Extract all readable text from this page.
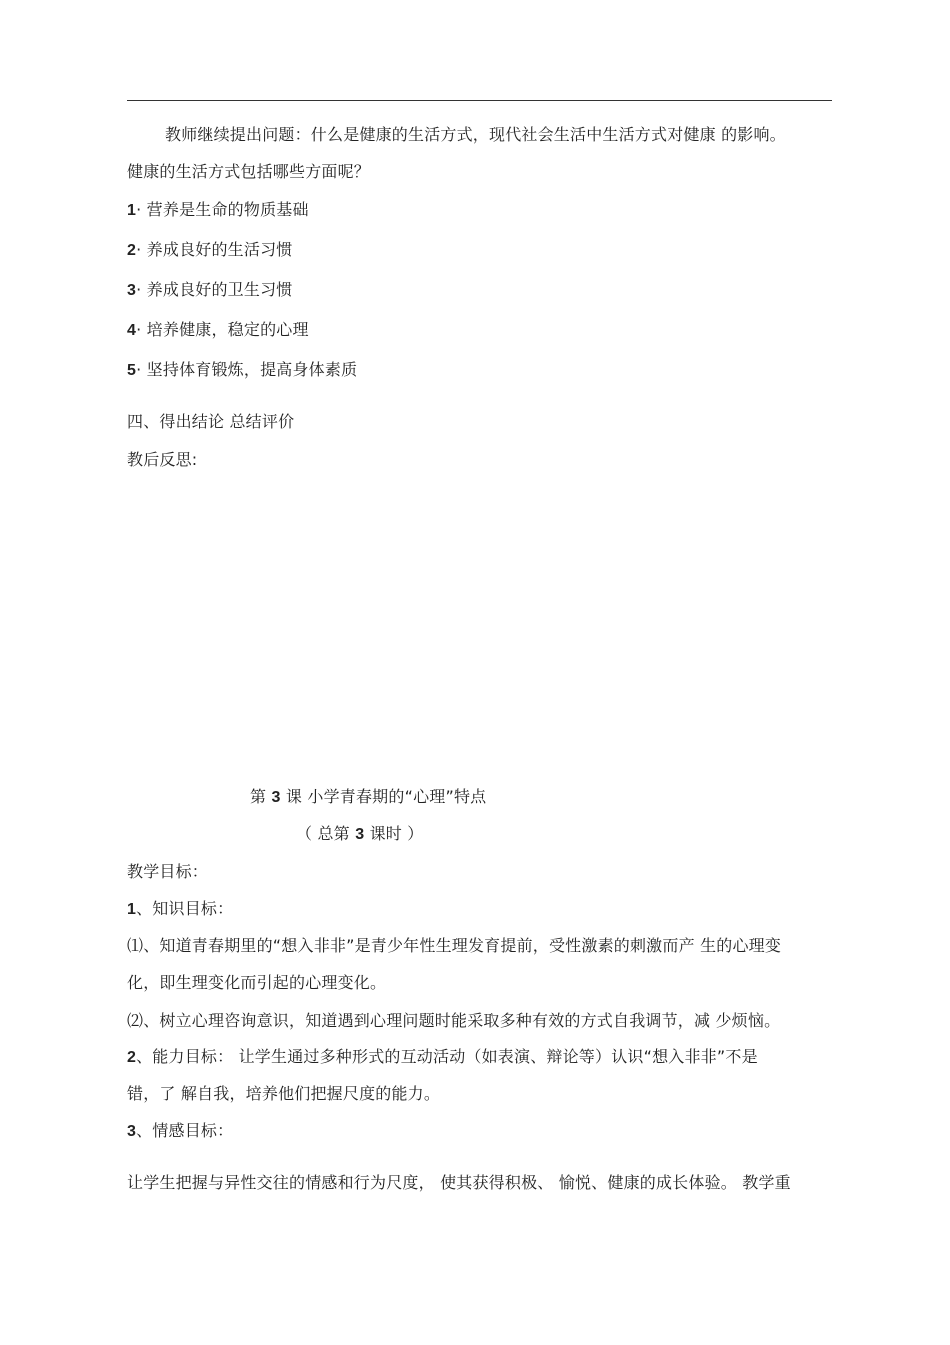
教师继续提出问题：什么是健康的生活方式，现代社会生活中生活方式对健康 的影响。
健康的生活方式包括哪些方面呢？
1· 营养是生命的物质基础
2· 养成良好的生活习惯
3· 养成良好的卫生习惯
4· 培养健康，稳定的心理
5· 坚持体育锻炼，提高身体素质
四、得出结论 总结评价
教后反思:
第 3 课 小学青春期的“心理”特点
（ 总第 3 课时 ）
教学目标：
1、知识目标：
⑴、知道青春期里的“想入非非”是青少年性生理发育提前，受性激素的刺激而产 生的心理变
化，即生理变化而引起的心理变化。
⑵、树立心理咨询意识，知道遇到心理问题时能采取多种有效的方式自我调节，减 少烦恼。
2、能力目标： 让学生通过多种形式的互动活动（如表演、辩论等）认识“想入非非”不是
错，了 解自我，培养他们把握尺度的能力。
3、情感目标：
让学生把握与异性交往的情感和行为尺度， 使其获得积极、 愉悦、健康的成长体验。 教学重
